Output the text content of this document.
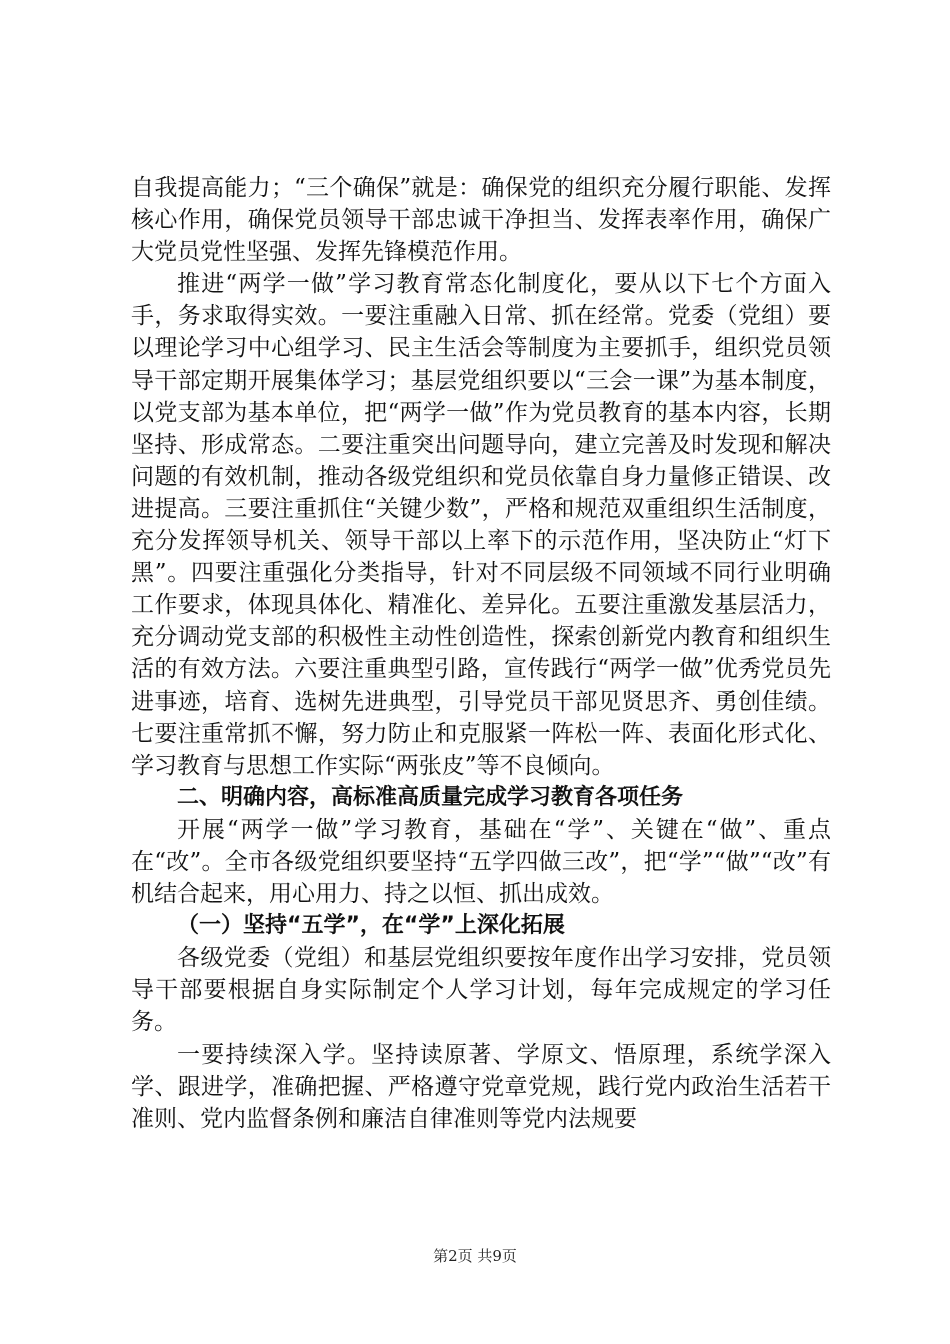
自我提高能力；“三个确保”就是：确保党的组织充分履行职能、发挥核心作用，确保党员领导干部忠诚干净担当、发挥表率作用，确保广大党员党性坚强、发挥先锋模范作用。

推进“两学一做”学习教育常态化制度化，要从以下七个方面入手，务求取得实效。一要注重融入日常、抓在经常。党委（党组）要以理论学习中心组学习、民主生活会等制度为主要抓手，组织党员领导干部定期开展集体学习；基层党组织要以“三会一课”为基本制度，以党支部为基本单位，把“两学一做”作为党员教育的基本内容，长期坚持、形成常态。二要注重突出问题导向，建立完善及时发现和解决问题的有效机制，推动各级党组织和党员依靠自身力量修正错误、改进提高。三要注重抓住“关键少数”，严格和规范双重组织生活制度，充分发挥领导机关、领导干部以上率下的示范作用，坚决防止“灯下黑”。四要注重强化分类指导，针对不同层级不同领域不同行业明确工作要求，体现具体化、精准化、差异化。五要注重激发基层活力，充分调动党支部的积极性主动性创造性，探索创新党内教育和组织生活的有效方法。六要注重典型引路，宣传践行“两学一做”优秀党员先进事迹，培育、选树先进典型，引导党员干部见贤思齐、勇创佳绩。七要注重常抓不懈，努力防止和克服紧一阵松一阵、表面化形式化、学习教育与思想工作实际“两张皮”等不良倾向。

二、明确内容，高标准高质量完成学习教育各项任务

开展“两学一做”学习教育，基础在“学”、关键在“做”、重点在“改”。全市各级党组织要坚持“五学四做三改”，把“学”“做”“改”有机结合起来，用心用力、持之以恒、抓出成效。

（一）坚持“五学”，在“学”上深化拓展

各级党委（党组）和基层党组织要按年度作出学习安排，党员领导干部要根据自身实际制定个人学习计划，每年完成规定的学习任务。

一要持续深入学。坚持读原著、学原文、悟原理，系统学深入学、跟进学，准确把握、严格遵守党章党规，践行党内政治生活若干准则、党内监督条例和廉洁自律准则等党内法规要

第2页 共9页
